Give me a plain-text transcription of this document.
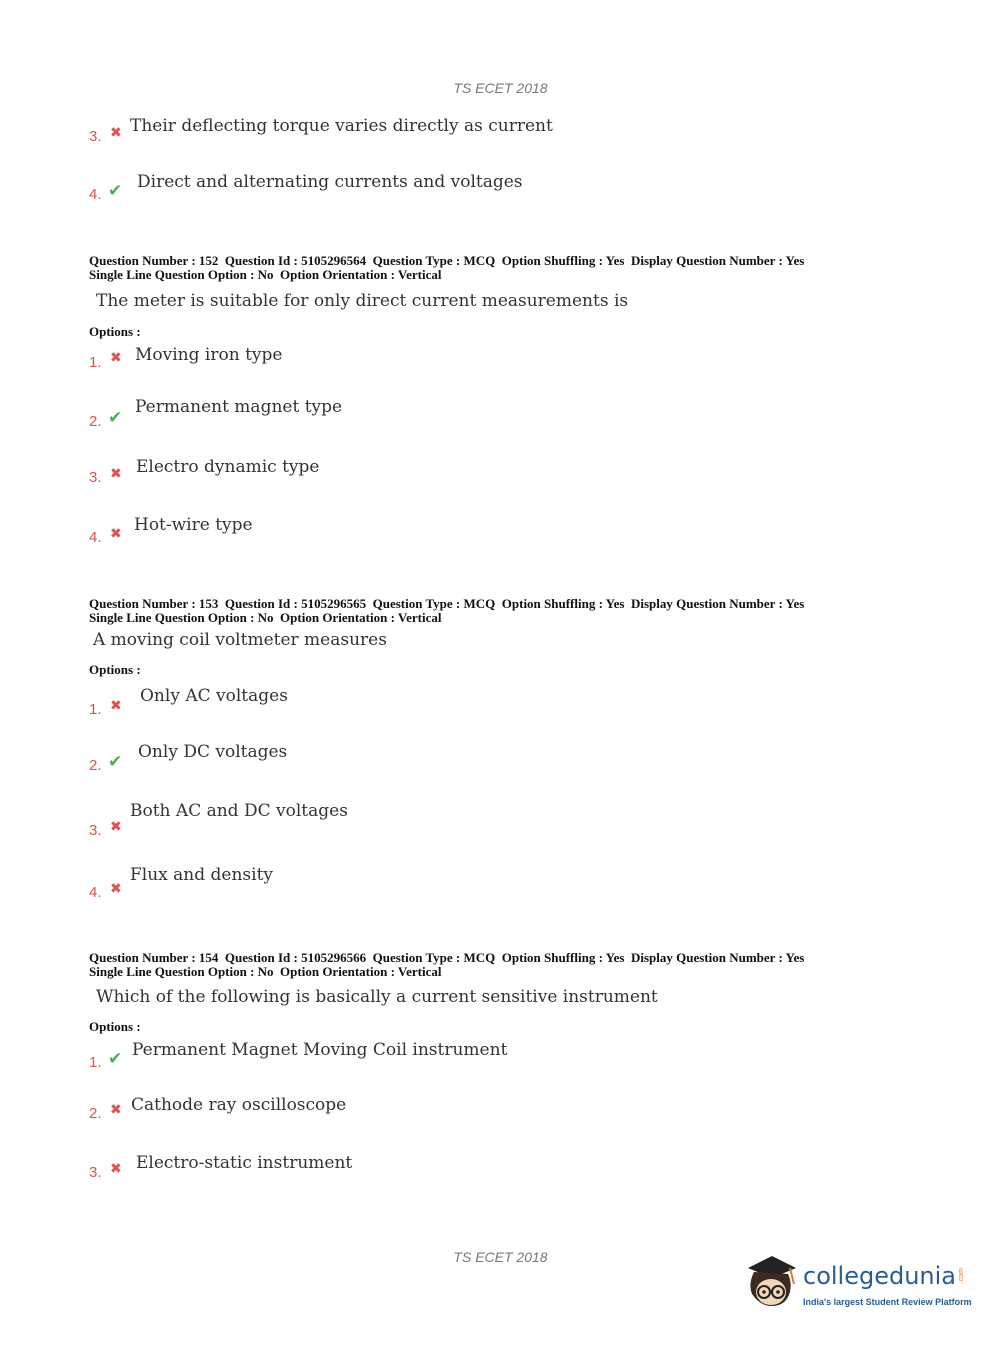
TS ECET 2018
3. ✖ Their deflecting torque varies directly as current
4. ✔ Direct and alternating currents and voltages
Question Number : 152  Question Id : 5105296564  Question Type : MCQ  Option Shuffling : Yes  Display Question Number : Yes
Single Line Question Option : No  Option Orientation : Vertical
The meter is suitable for only direct current measurements is
Options :
1. ✖ Moving iron type
2. ✔
Permanent magnet type
3. ✖ Electro dynamic type
4. ✖ Hot-wire type
Question Number : 153  Question Id : 5105296565  Question Type : MCQ  Option Shuffling : Yes  Display Question Number : Yes
Single Line Question Option : No  Option Orientation : Vertical
A moving coil voltmeter measures
Options :
1. ✖ Only AC voltages
2. ✔ Only DC voltages
3. ✖
Both AC and DC voltages
4. ✖
Flux and density
Question Number : 154  Question Id : 5105296566  Question Type : MCQ  Option Shuffling : Yes  Display Question Number : Yes
Single Line Question Option : No  Option Orientation : Vertical
Which of the following is basically a current sensitive instrument
Options :
1. ✔ Permanent Magnet Moving Coil instrument
2. ✖ Cathode ray oscilloscope
3. ✖ Electro-static instrument
TS ECET 2018
collegedunia .com
India's largest Student Review Platform
